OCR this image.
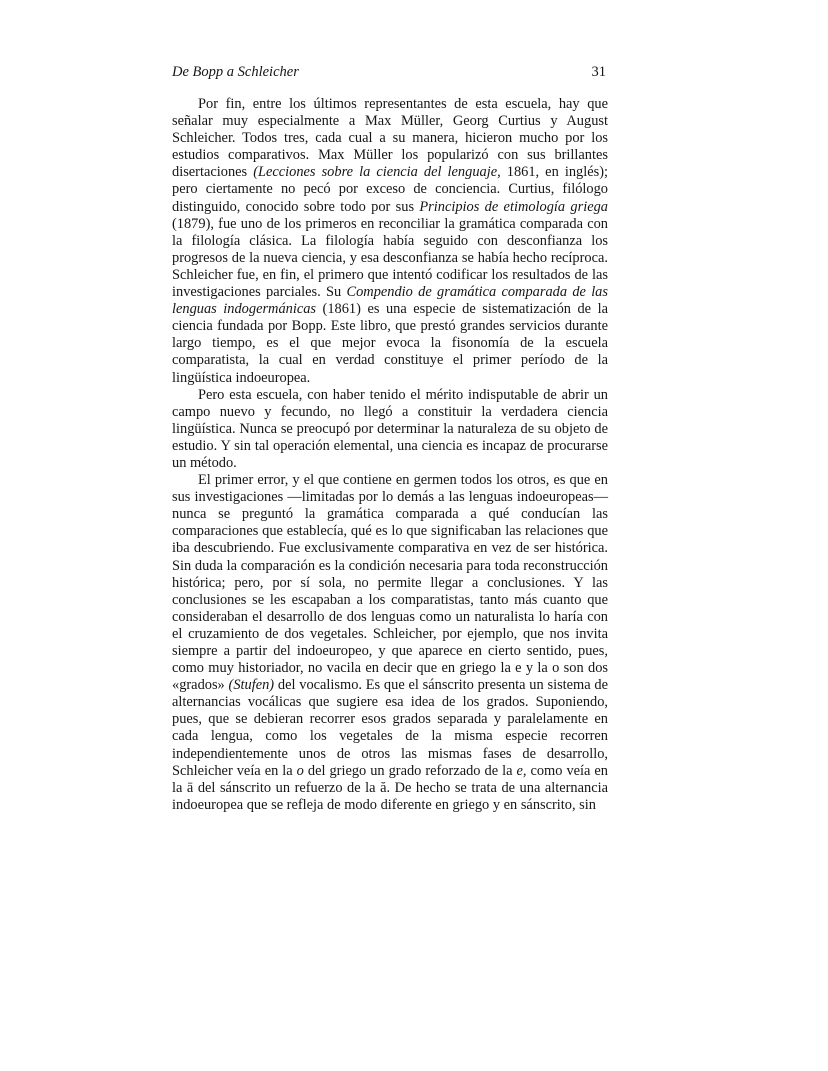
De Bopp a Schleicher	31

Por fin, entre los últimos representantes de esta escuela, hay que señalar muy especialmente a Max Müller, Georg Curtius y August Schleicher. Todos tres, cada cual a su manera, hicieron mucho por los estudios comparativos. Max Müller los popularizó con sus brillantes disertaciones (Lecciones sobre la ciencia del lenguaje, 1861, en inglés); pero ciertamente no pecó por exceso de conciencia. Curtius, filólogo distinguido, conocido sobre todo por sus Principios de etimología griega (1879), fue uno de los primeros en reconciliar la gramática comparada con la filología clásica. La filología había seguido con desconfianza los progresos de la nueva ciencia, y esa desconfianza se había hecho recíproca. Schleicher fue, en fin, el primero que intentó codificar los resultados de las investigaciones parciales. Su Compendio de gramática comparada de las lenguas indogermánicas (1861) es una especie de sistematización de la ciencia fundada por Bopp. Este libro, que prestó grandes servicios durante largo tiempo, es el que mejor evoca la fisonomía de la escuela comparatista, la cual en verdad constituye el primer período de la lingüística indoeuropea.

Pero esta escuela, con haber tenido el mérito indisputable de abrir un campo nuevo y fecundo, no llegó a constituir la verdadera ciencia lingüística. Nunca se preocupó por determinar la naturaleza de su objeto de estudio. Y sin tal operación elemental, una ciencia es incapaz de procurarse un método.

El primer error, y el que contiene en germen todos los otros, es que en sus investigaciones —limitadas por lo demás a las lenguas indoeuropeas— nunca se preguntó la gramática comparada a qué conducían las comparaciones que establecía, qué es lo que significaban las relaciones que iba descubriendo. Fue exclusivamente comparativa en vez de ser histórica. Sin duda la comparación es la condición necesaria para toda reconstrucción histórica; pero, por sí sola, no permite llegar a conclusiones. Y las conclusiones se les escapaban a los comparatistas, tanto más cuanto que consideraban el desarrollo de dos lenguas como un naturalista lo haría con el cruzamiento de dos vegetales. Schleicher, por ejemplo, que nos invita siempre a partir del indoeuropeo, y que aparece en cierto sentido, pues, como muy historiador, no vacila en decir que en griego la e y la o son dos «grados» (Stufen) del vocalismo. Es que el sánscrito presenta un sistema de alternancias vocálicas que sugiere esa idea de los grados. Suponiendo, pues, que se debieran recorrer esos grados separada y paralelamente en cada lengua, como los vegetales de la misma especie recorren independientemente unos de otros las mismas fases de desarrollo, Schleicher veía en la o del griego un grado reforzado de la e, como veía en la ā del sánscrito un refuerzo de la ă. De hecho se trata de una alternancia indoeuropea que se refleja de modo diferente en griego y en sánscrito, sin
